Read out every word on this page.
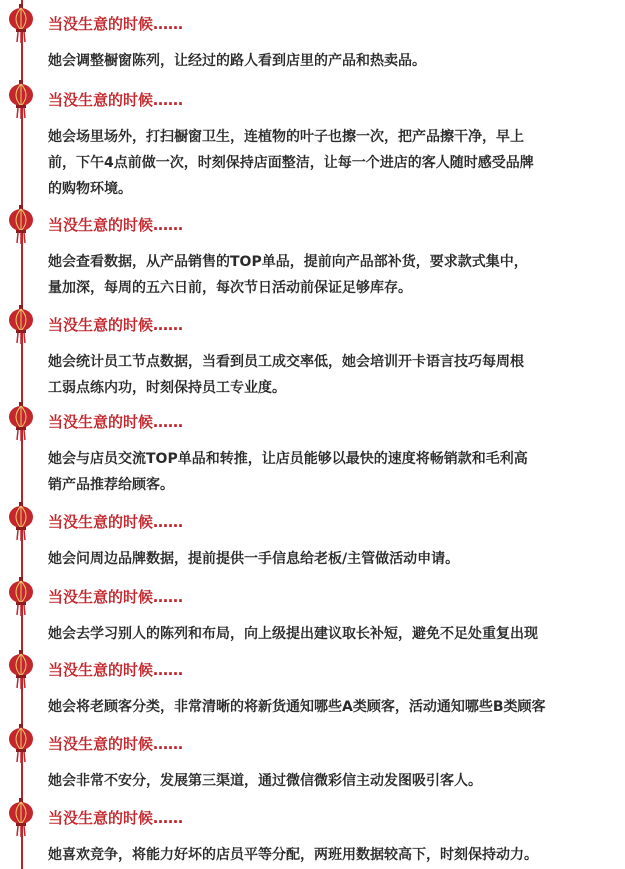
当没生意的时候……
她会调整橱窗陈列，让经过的路人看到店里的产品和热卖品。
当没生意的时候……
她会场里场外，打扫橱窗卫生，连植物的叶子也擦一次，把产品擦干净，早上
前，下午4点前做一次，时刻保持店面整洁，让每一个进店的客人随时感受品牌
的购物环境。
当没生意的时候……
她会查看数据，从产品销售的TOP单品，提前向产品部补货，要求款式集中，
量加深，每周的五六日前，每次节日活动前保证足够库存。
当没生意的时候……
她会统计员工节点数据，当看到员工成交率低，她会培训开卡语言技巧每周根
工弱点练内功，时刻保持员工专业度。
当没生意的时候……
她会与店员交流TOP单品和转推，让店员能够以最快的速度将畅销款和毛利高
销产品推荐给顾客。
当没生意的时候……
她会问周边品牌数据，提前提供一手信息给老板/主管做活动申请。
当没生意的时候……
她会去学习别人的陈列和布局，向上级提出建议取长补短，避免不足处重复出现
当没生意的时候……
她会将老顾客分类，非常清晰的将新货通知哪些A类顾客，活动通知哪些B类顾客
当没生意的时候……
她会非常不安分，发展第三渠道，通过微信微彩信主动发图吸引客人。
当没生意的时候……
她喜欢竞争，将能力好坏的店员平等分配，两班用数据较高下，时刻保持动力。
